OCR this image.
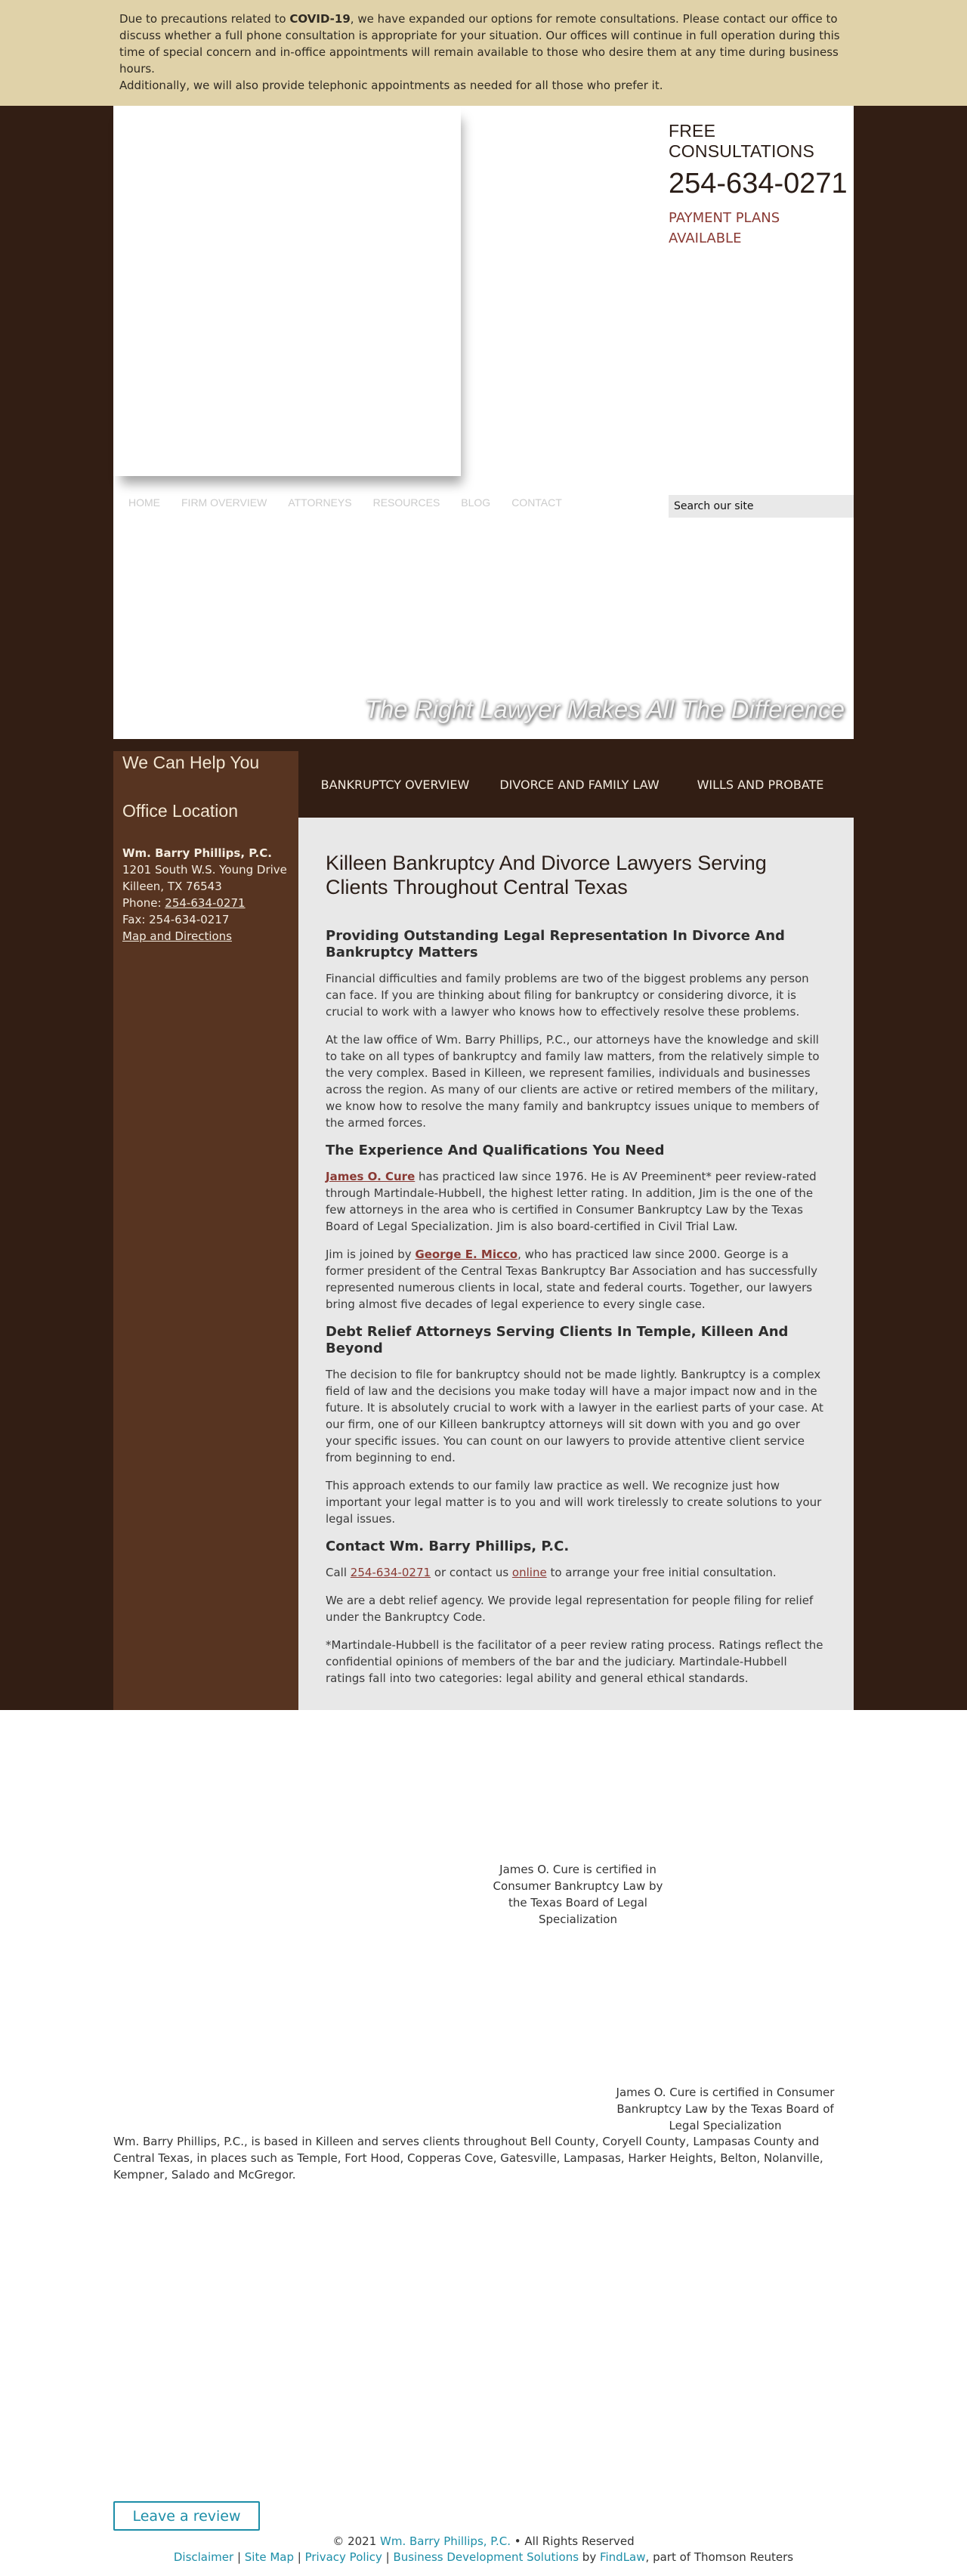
Due to precautions related to COVID-19, we have expanded our options for remote consultations. Please contact our office to discuss whether a full phone consultation is appropriate for your situation. Our offices will continue in full operation during this time of special concern and in-office appointments will remain available to those who desire them at any time during business hours.
Additionally, we will also provide telephonic appointments as needed for all those who prefer it.
FREE CONSULTATIONS
254-634-0271
PAYMENT PLANS AVAILABLE
HOME FIRM OVERVIEW ATTORNEYS RESOURCES BLOG CONTACT
Search our site
The Right Lawyer Makes All The Difference
We Can Help You
Office Location
Wm. Barry Phillips, P.C.
1201 South W.S. Young Drive
Killeen, TX 76543
Phone: 254-634-0271
Fax: 254-634-0217
Map and Directions
BANKRUPTCY OVERVIEW	DIVORCE AND FAMILY LAW	WILLS AND PROBATE
Killeen Bankruptcy And Divorce Lawyers Serving Clients Throughout Central Texas
Providing Outstanding Legal Representation In Divorce And Bankruptcy Matters

Financial difficulties and family problems are two of the biggest problems any person can face. If you are thinking about filing for bankruptcy or considering divorce, it is crucial to work with a lawyer who knows how to effectively resolve these problems.

At the law office of Wm. Barry Phillips, P.C., our attorneys have the knowledge and skill to take on all types of bankruptcy and family law matters, from the relatively simple to the very complex. Based in Killeen, we represent families, individuals and businesses across the region. As many of our clients are active or retired members of the military, we know how to resolve the many family and bankruptcy issues unique to members of the armed forces.

The Experience And Qualifications You Need

James O. Cure has practiced law since 1976. He is AV Preeminent* peer review-rated through Martindale-Hubbell, the highest letter rating. In addition, Jim is the one of the few attorneys in the area who is certified in Consumer Bankruptcy Law by the Texas Board of Legal Specialization. Jim is also board-certified in Civil Trial Law.

Jim is joined by George E. Micco, who has practiced law since 2000. George is a former president of the Central Texas Bankruptcy Bar Association and has successfully represented numerous clients in local, state and federal courts. Together, our lawyers bring almost five decades of legal experience to every single case.

Debt Relief Attorneys Serving Clients In Temple, Killeen And Beyond

The decision to file for bankruptcy should not be made lightly. Bankruptcy is a complex field of law and the decisions you make today will have a major impact now and in the future. It is absolutely crucial to work with a lawyer in the earliest parts of your case. At our firm, one of our Killeen bankruptcy attorneys will sit down with you and go over your specific issues. You can count on our lawyers to provide attentive client service from beginning to end.

This approach extends to our family law practice as well. We recognize just how important your legal matter is to you and will work tirelessly to create solutions to your legal issues.

Contact Wm. Barry Phillips, P.C.

Call 254-634-0271 or contact us online to arrange your free initial consultation.

We are a debt relief agency. We provide legal representation for people filing for relief under the Bankruptcy Code.

*Martindale-Hubbell is the facilitator of a peer review rating process. Ratings reflect the confidential opinions of members of the bar and the judiciary. Martindale-Hubbell ratings fall into two categories: legal ability and general ethical standards.

James O. Cure is certified in Consumer Bankruptcy Law by the Texas Board of Legal Specialization
James O. Cure is certified in Consumer Bankruptcy Law by the Texas Board of Legal Specialization
Wm. Barry Phillips, P.C., is based in Killeen and serves clients throughout Bell County, Coryell County, Lampasas County and Central Texas, in places such as Temple, Fort Hood, Copperas Cove, Gatesville, Lampasas, Harker Heights, Belton, Nolanville, Kempner, Salado and McGregor.
Leave a review
© 2021 Wm. Barry Phillips, P.C. • All Rights Reserved
Disclaimer | Site Map | Privacy Policy | Business Development Solutions by FindLaw, part of Thomson Reuters
